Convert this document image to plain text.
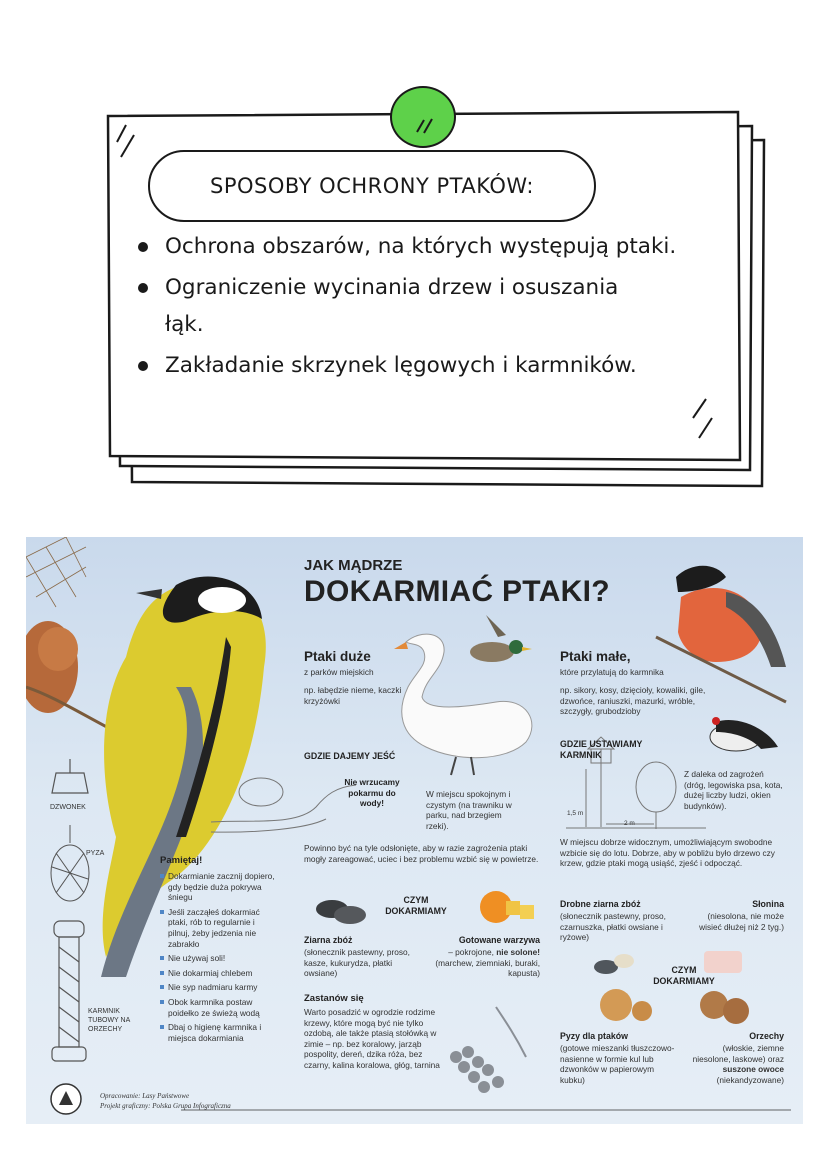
SPOSOBY OCHRONY PTAKÓW:
Ochrona obszarów, na których występują ptaki.
Ograniczenie wycinania drzew i osuszania łąk.
Zakładanie skrzynek lęgowych i karmników.
JAK MĄDRZE
DOKARMIAĆ PTAKI?
Ptaki duże
z parków miejskich
np. łabędzie nieme, kaczki krzyżówki
GDZIE DAJEMY JEŚĆ
Nie wrzucamy pokarmu do wody!
W miejscu spokojnym i czystym (na trawniku w parku, nad brzegiem rzeki).
Powinno być na tyle odsłonięte, aby w razie zagrożenia ptaki mogły zareagować, uciec i bez problemu wzbić się w powietrze.
CZYM DOKARMIAMY
Ziarna zbóż
(słonecznik pastewny, proso, kasze, kukurydza, płatki owsiane)
Gotowane warzywa
– pokrojone, nie solone! (marchew, ziemniaki, buraki, kapusta)
Zastanów się
Warto posadzić w ogrodzie rodzime krzewy, które mogą być nie tylko ozdobą, ale także ptasią stołówką w zimie – np. bez koralowy, jarząb pospolity, dereń, dzika róża, bez czarny, kalina koralowa, głóg, tarnina
Ptaki małe,
które przylatują do karmnika
np. sikory, kosy, dzięcioły, kowaliki, gile, dzwońce, raniuszki, mazurki, wróble, szczygły, grubodzioby
GDZIE USTAWIAMY KARMNIK
Z daleka od zagrożeń (dróg, legowiska psa, kota, dużej liczby ludzi, okien budynków).
1,5 m
2 m
W miejscu dobrze widocznym, umożliwiającym swobodne wzbicie się do lotu. Dobrze, aby w pobliżu było drzewo czy krzew, gdzie ptaki mogą usiąść, zjeść i odpocząć.
Drobne ziarna zbóż
(słonecznik pastewny, proso, czarnuszka, płatki owsiane i ryżowe)
Słonina
(niesolona, nie może wisieć dłużej niż 2 tyg.)
CZYM DOKARMIAMY
Pyzy dla ptaków
(gotowe mieszanki tłuszczowo-nasienne w formie kul lub dzwonków w papierowym kubku)
Orzechy
(włoskie, ziemne niesolone, laskowe) oraz suszone owoce (niekandyzowane)
Pamiętaj!
Dokarmianie zacznij dopiero, gdy będzie duża pokrywa śniegu
Jeśli zacząłeś dokarmiać ptaki, rób to regularnie i pilnuj, żeby jedzenia nie zabrakło
Nie używaj soli!
Nie dokarmiaj chlebem
Nie syp nadmiaru karmy
Obok karmnika postaw poidełko ze świeżą wodą
Dbaj o higienę karmnika i miejsca dokarmiania
DZWONEK
PYZA
KARMNIK TUBOWY NA ORZECHY
Opracowanie: Lasy Państwowe
Projekt graficzny: Polska Grupa Infograficzna
